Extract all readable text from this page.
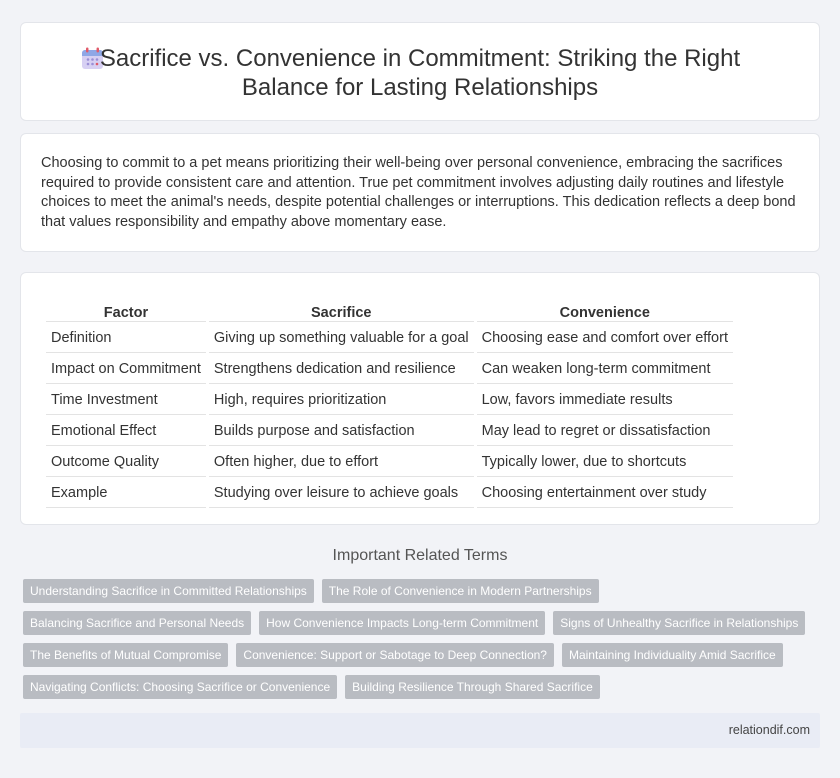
Sacrifice vs. Convenience in Commitment: Striking the Right Balance for Lasting Relationships

Choosing to commit to a pet means prioritizing their well-being over personal convenience, embracing the sacrifices required to provide consistent care and attention. True pet commitment involves adjusting daily routines and lifestyle choices to meet the animal's needs, despite potential challenges or interruptions. This dedication reflects a deep bond that values responsibility and empathy above momentary ease.

Factor	Sacrifice	Convenience
Definition	Giving up something valuable for a goal	Choosing ease and comfort over effort
Impact on Commitment	Strengthens dedication and resilience	Can weaken long-term commitment
Time Investment	High, requires prioritization	Low, favors immediate results
Emotional Effect	Builds purpose and satisfaction	May lead to regret or dissatisfaction
Outcome Quality	Often higher, due to effort	Typically lower, due to shortcuts
Example	Studying over leisure to achieve goals	Choosing entertainment over study
Important Related Terms
Understanding Sacrifice in Committed Relationships	The Role of Convenience in Modern Partnerships
Balancing Sacrifice and Personal Needs	How Convenience Impacts Long-term Commitment	Signs of Unhealthy Sacrifice in Relationships
The Benefits of Mutual Compromise	Convenience: Support or Sabotage to Deep Connection?	Maintaining Individuality Amid Sacrifice
Navigating Conflicts: Choosing Sacrifice or Convenience	Building Resilience Through Shared Sacrifice
relationdif.com
